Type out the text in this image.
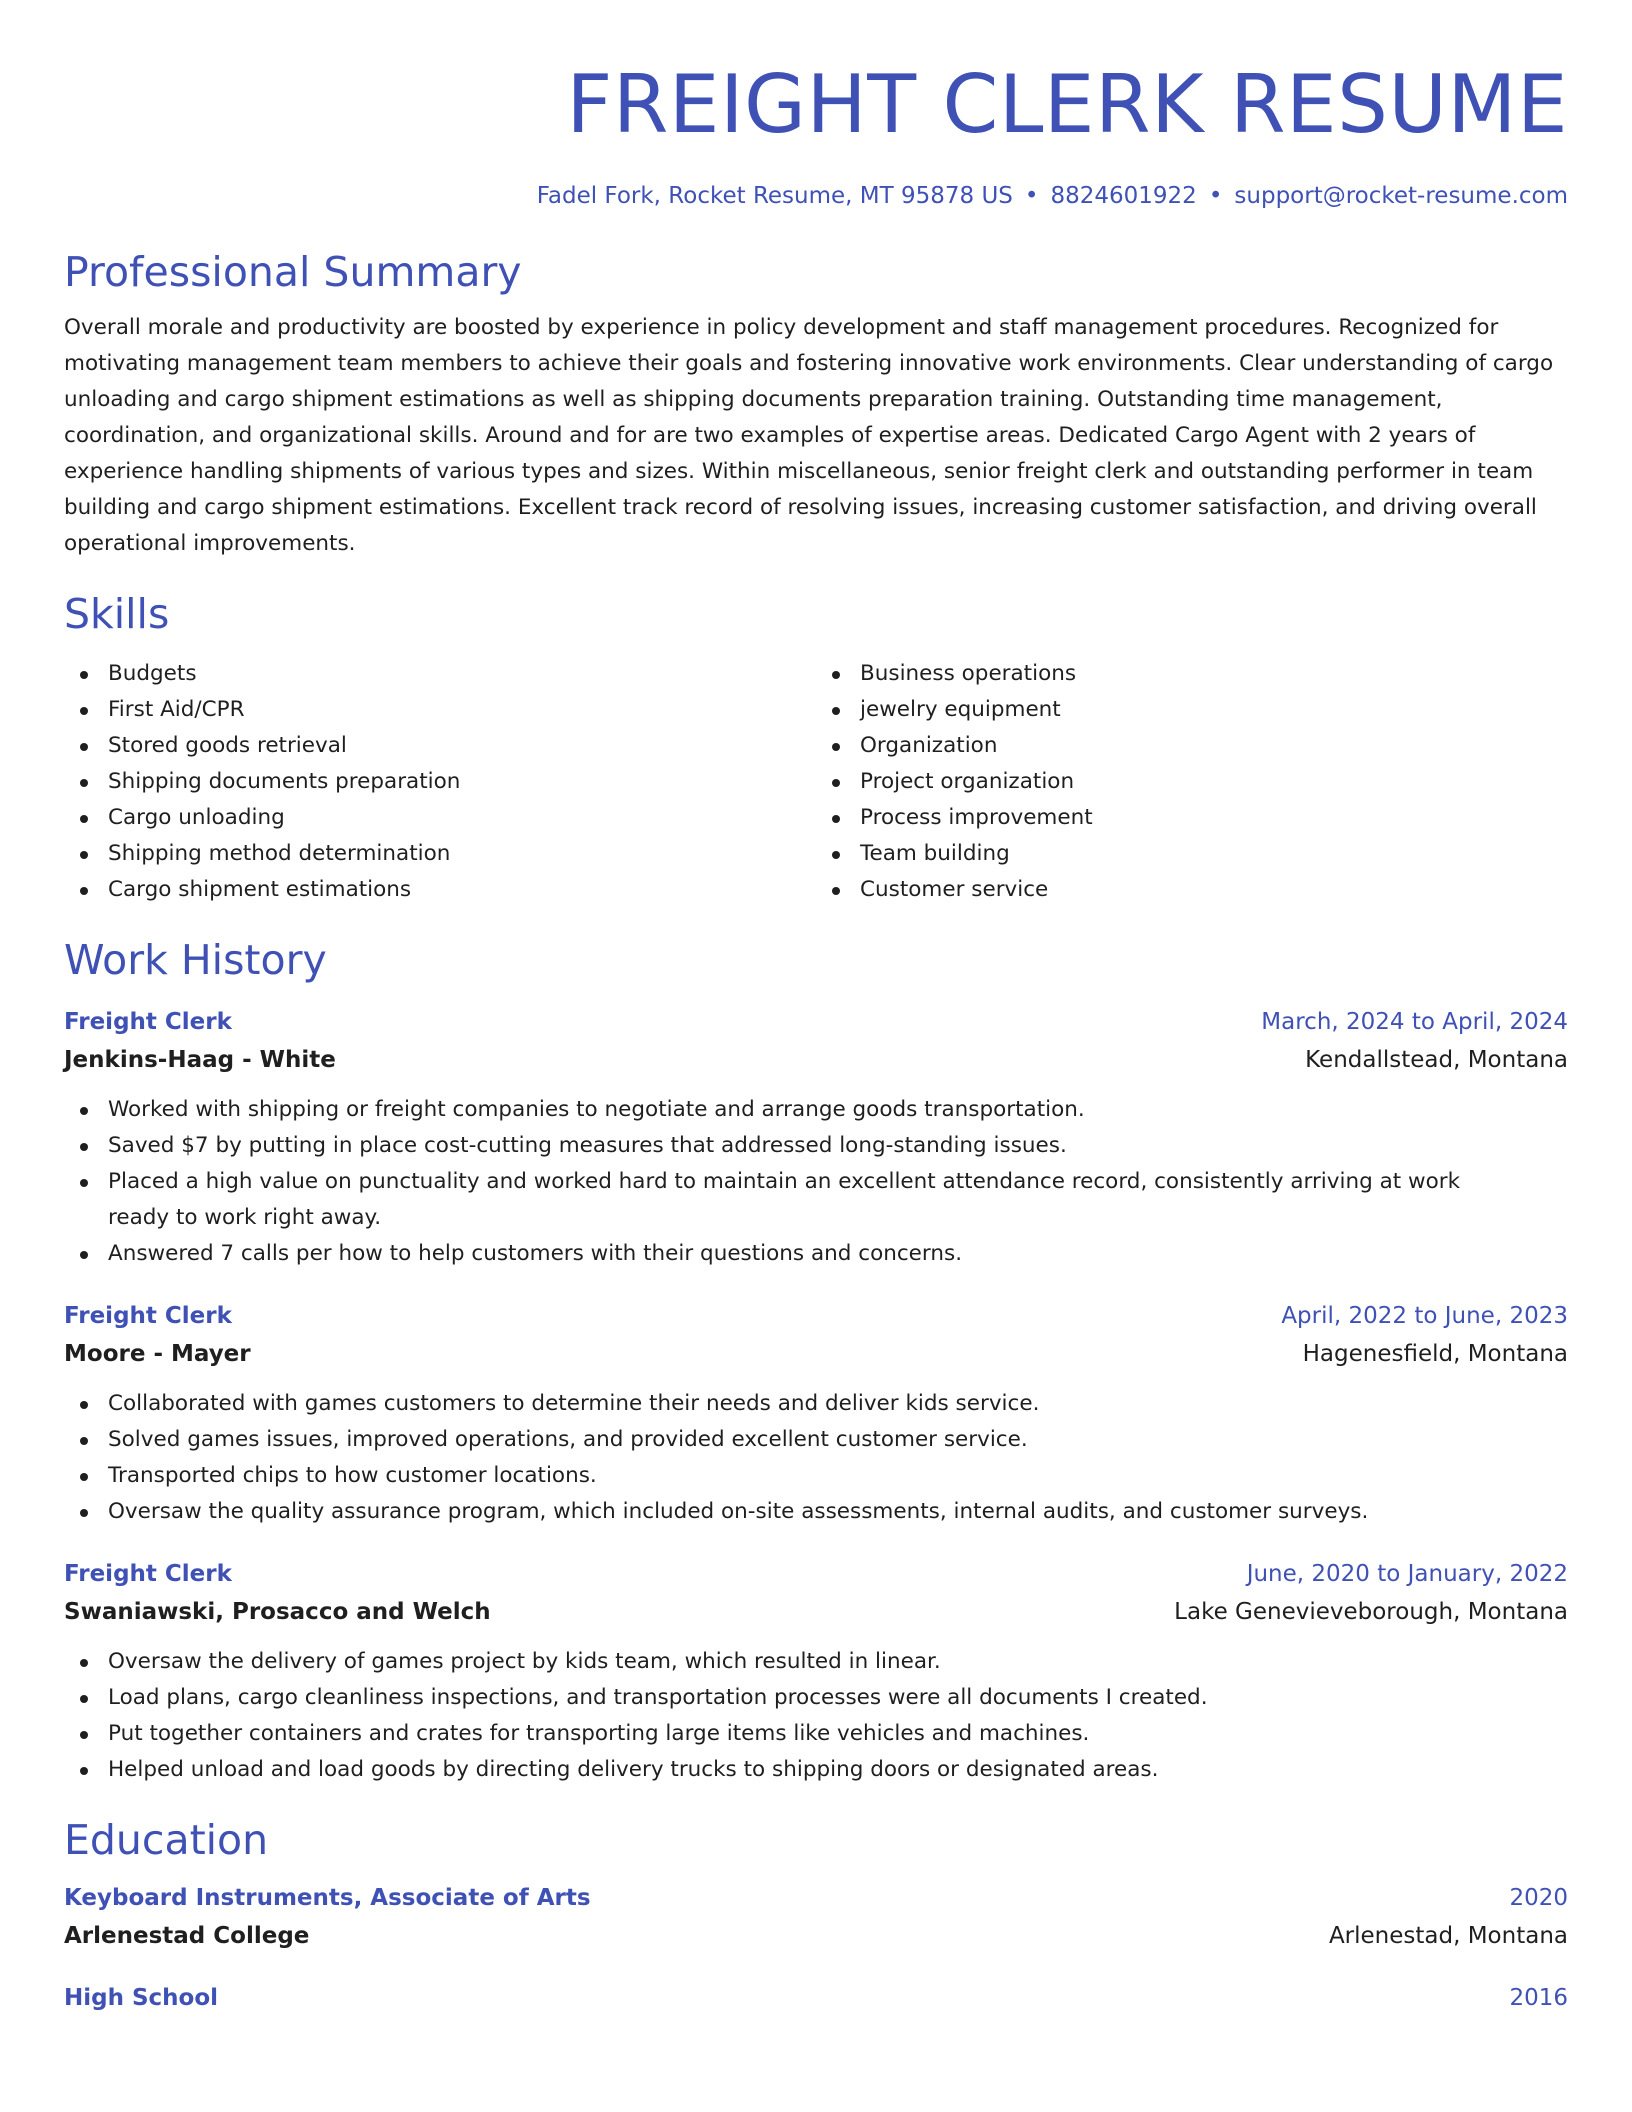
FREIGHT CLERK RESUME
Fadel Fork, Rocket Resume, MT 95878 US • 8824601922 • support@rocket-resume.com
Professional Summary

Overall morale and productivity are boosted by experience in policy development and staff management procedures. Recognized for motivating management team members to achieve their goals and fostering innovative work environments. Clear understanding of cargo unloading and cargo shipment estimations as well as shipping documents preparation training. Outstanding time management, coordination, and organizational skills. Around and for are two examples of expertise areas. Dedicated Cargo Agent with 2 years of experience handling shipments of various types and sizes. Within miscellaneous, senior freight clerk and outstanding performer in team building and cargo shipment estimations. Excellent track record of resolving issues, increasing customer satisfaction, and driving overall operational improvements.

Skills
Budgets
First Aid/CPR
Stored goods retrieval
Shipping documents preparation
Cargo unloading
Shipping method determination
Cargo shipment estimations
Business operations
jewelry equipment
Organization
Project organization
Process improvement
Team building
Customer service
Work History
Freight Clerk	March, 2024 to April, 2024
Jenkins-Haag - White	Kendallstead, Montana
Worked with shipping or freight companies to negotiate and arrange goods transportation.
Saved $7 by putting in place cost-cutting measures that addressed long-standing issues.
Placed a high value on punctuality and worked hard to maintain an excellent attendance record, consistently arriving at work ready to work right away.
Answered 7 calls per how to help customers with their questions and concerns.
Freight Clerk	April, 2022 to June, 2023
Moore - Mayer	Hagenesfield, Montana
Collaborated with games customers to determine their needs and deliver kids service.
Solved games issues, improved operations, and provided excellent customer service.
Transported chips to how customer locations.
Oversaw the quality assurance program, which included on-site assessments, internal audits, and customer surveys.
Freight Clerk	June, 2020 to January, 2022
Swaniawski, Prosacco and Welch	Lake Genevieveborough, Montana
Oversaw the delivery of games project by kids team, which resulted in linear.
Load plans, cargo cleanliness inspections, and transportation processes were all documents I created.
Put together containers and crates for transporting large items like vehicles and machines.
Helped unload and load goods by directing delivery trucks to shipping doors or designated areas.
Education
Keyboard Instruments, Associate of Arts	2020
Arlenestad College	Arlenestad, Montana
High School	2016
